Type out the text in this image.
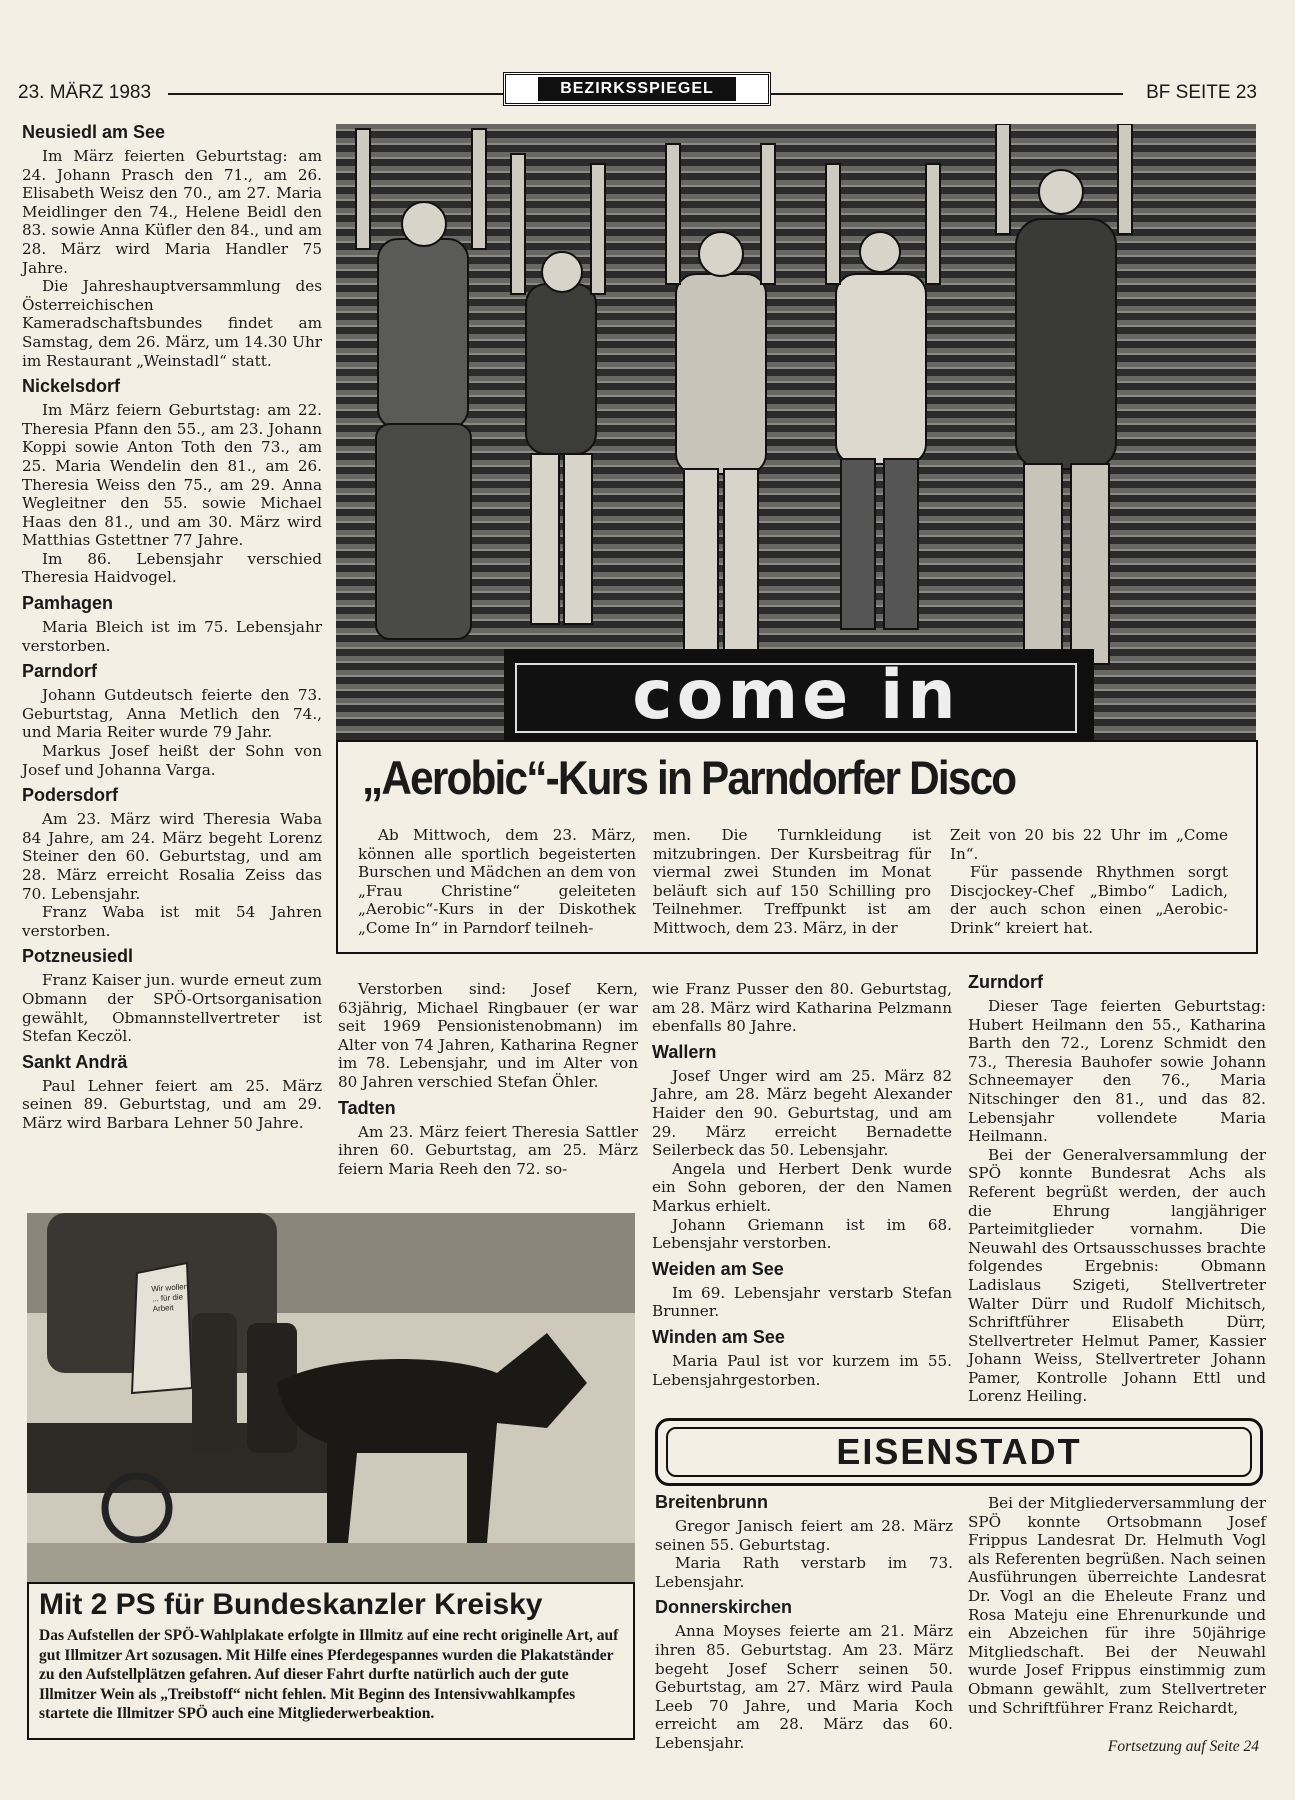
23. MÄRZ 1983	BEZIRKSSPIEGEL	BF SEITE 23
Neusiedl am See

Im März feierten Geburtstag: am 24. Johann Prasch den 71., am 26. Elisabeth Weisz den 70., am 27. Maria Meidlinger den 74., Helene Beidl den 83. sowie Anna Küfler den 84., und am 28. März wird Maria Handler 75 Jahre.

Die Jahreshauptversammlung des Österreichischen Kameradschaftsbundes findet am Samstag, dem 26. März, um 14.30 Uhr im Restaurant „Weinstadl“ statt.

Nickelsdorf

Im März feiern Geburtstag: am 22. Theresia Pfann den 55., am 23. Johann Koppi sowie Anton Toth den 73., am 25. Maria Wendelin den 81., am 26. Theresia Weiss den 75., am 29. Anna Wegleitner den 55. sowie Michael Haas den 81., und am 30. März wird Matthias Gstettner 77 Jahre.

Im 86. Lebensjahr verschied Theresia Haidvogel.

Pamhagen

Maria Bleich ist im 75. Lebensjahr verstorben.

Parndorf

Johann Gutdeutsch feierte den 73. Geburtstag, Anna Metlich den 74., und Maria Reiter wurde 79 Jahr.

Markus Josef heißt der Sohn von Josef und Johanna Varga.

Podersdorf

Am 23. März wird Theresia Waba 84 Jahre, am 24. März begeht Lorenz Steiner den 60. Geburtstag, und am 28. März erreicht Rosalia Zeiss das 70. Lebensjahr.

Franz Waba ist mit 54 Jahren verstorben.

Potzneusiedl

Franz Kaiser jun. wurde erneut zum Obmann der SPÖ-Ortsorganisation gewählt, Obmannstellvertreter ist Stefan Keczöl.

Sankt Andrä

Paul Lehner feiert am 25. März seinen 89. Geburtstag, und am 29. März wird Barbara Lehner 50 Jahre.

come in
„Aerobic“-Kurs in Parndorfer Disco

Ab Mittwoch, dem 23. März, können alle sportlich begeisterten Burschen und Mädchen an dem von „Frau Christine“ geleiteten „Aerobic“-Kurs in der Diskothek „Come In“ in Parndorf teilneh-

men. Die Turnkleidung ist mitzubringen. Der Kursbeitrag für viermal zwei Stunden im Monat beläuft sich auf 150 Schilling pro Teilnehmer. Treffpunkt ist am Mittwoch, dem 23. März, in der

Zeit von 20 bis 22 Uhr im „Come In“.

Für passende Rhythmen sorgt Discjockey-Chef „Bimbo“ Ladich, der auch schon einen „Aerobic-Drink“ kreiert hat.

Verstorben sind: Josef Kern, 63jährig, Michael Ringbauer (er war seit 1969 Pensionistenobmann) im Alter von 74 Jahren, Katharina Regner im 78. Lebensjahr, und im Alter von 80 Jahren verschied Stefan Öhler.

Tadten

Am 23. März feiert Theresia Sattler ihren 60. Geburtstag, am 25. März feiern Maria Reeh den 72. so-

wie Franz Pusser den 80. Geburtstag, am 28. März wird Katharina Pelzmann ebenfalls 80 Jahre.

Wallern

Josef Unger wird am 25. März 82 Jahre, am 28. März begeht Alexander Haider den 90. Geburtstag, und am 29. März erreicht Bernadette Seilerbeck das 50. Lebensjahr.

Angela und Herbert Denk wurde ein Sohn geboren, der den Namen Markus erhielt.

Johann Griemann ist im 68. Lebensjahr verstorben.

Weiden am See

Im 69. Lebensjahr verstarb Stefan Brunner.

Winden am See

Maria Paul ist vor kurzem im 55. Lebensjahrgestorben.

Zurndorf

Dieser Tage feierten Geburtstag: Hubert Heilmann den 55., Katharina Barth den 72., Lorenz Schmidt den 73., Theresia Bauhofer sowie Johann Schneemayer den 76., Maria Nitschinger den 81., und das 82. Lebensjahr vollendete Maria Heilmann.

Bei der Generalversammlung der SPÖ konnte Bundesrat Achs als Referent begrüßt werden, der auch die Ehrung langjähriger Parteimitglieder vornahm. Die Neuwahl des Ortsausschusses brachte folgendes Ergebnis: Obmann Ladislaus Szigeti, Stellvertreter Walter Dürr und Rudolf Michitsch, Schriftführer Elisabeth Dürr, Stellvertreter Helmut Pamer, Kassier Johann Weiss, Stellvertreter Johann Pamer, Kontrolle Johann Ettl und Lorenz Heiling.

Wir wollen ... für die Arbeit
Mit 2 PS für Bundeskanzler Kreisky
Das Aufstellen der SPÖ-Wahlplakate erfolgte in Illmitz auf eine recht originelle Art, auf gut Illmitzer Art sozusagen. Mit Hilfe eines Pferdegespannes wurden die Plakatständer zu den Aufstellplätzen gefahren. Auf dieser Fahrt durfte natürlich auch der gute Illmitzer Wein als „Treibstoff“ nicht fehlen. Mit Beginn des Intensivwahlkampfes startete die Illmitzer SPÖ auch eine Mitgliederwerbeaktion.
EISENSTADT
Breitenbrunn

Gregor Janisch feiert am 28. März seinen 55. Geburtstag.

Maria Rath verstarb im 73. Lebensjahr.

Donnerskirchen

Anna Moyses feierte am 21. März ihren 85. Geburtstag. Am 23. März begeht Josef Scherr seinen 50. Geburtstag, am 27. März wird Paula Leeb 70 Jahre, und Maria Koch erreicht am 28. März das 60. Lebensjahr.

Bei der Mitgliederversammlung der SPÖ konnte Ortsobmann Josef Frippus Landesrat Dr. Helmuth Vogl als Referenten begrüßen. Nach seinen Ausführungen überreichte Landesrat Dr. Vogl an die Eheleute Franz und Rosa Mateju eine Ehrenurkunde und ein Abzeichen für ihre 50jährige Mitgliedschaft. Bei der Neuwahl wurde Josef Frippus einstimmig zum Obmann gewählt, zum Stellvertreter und Schriftführer Franz Reichardt,

Fortsetzung auf Seite 24
